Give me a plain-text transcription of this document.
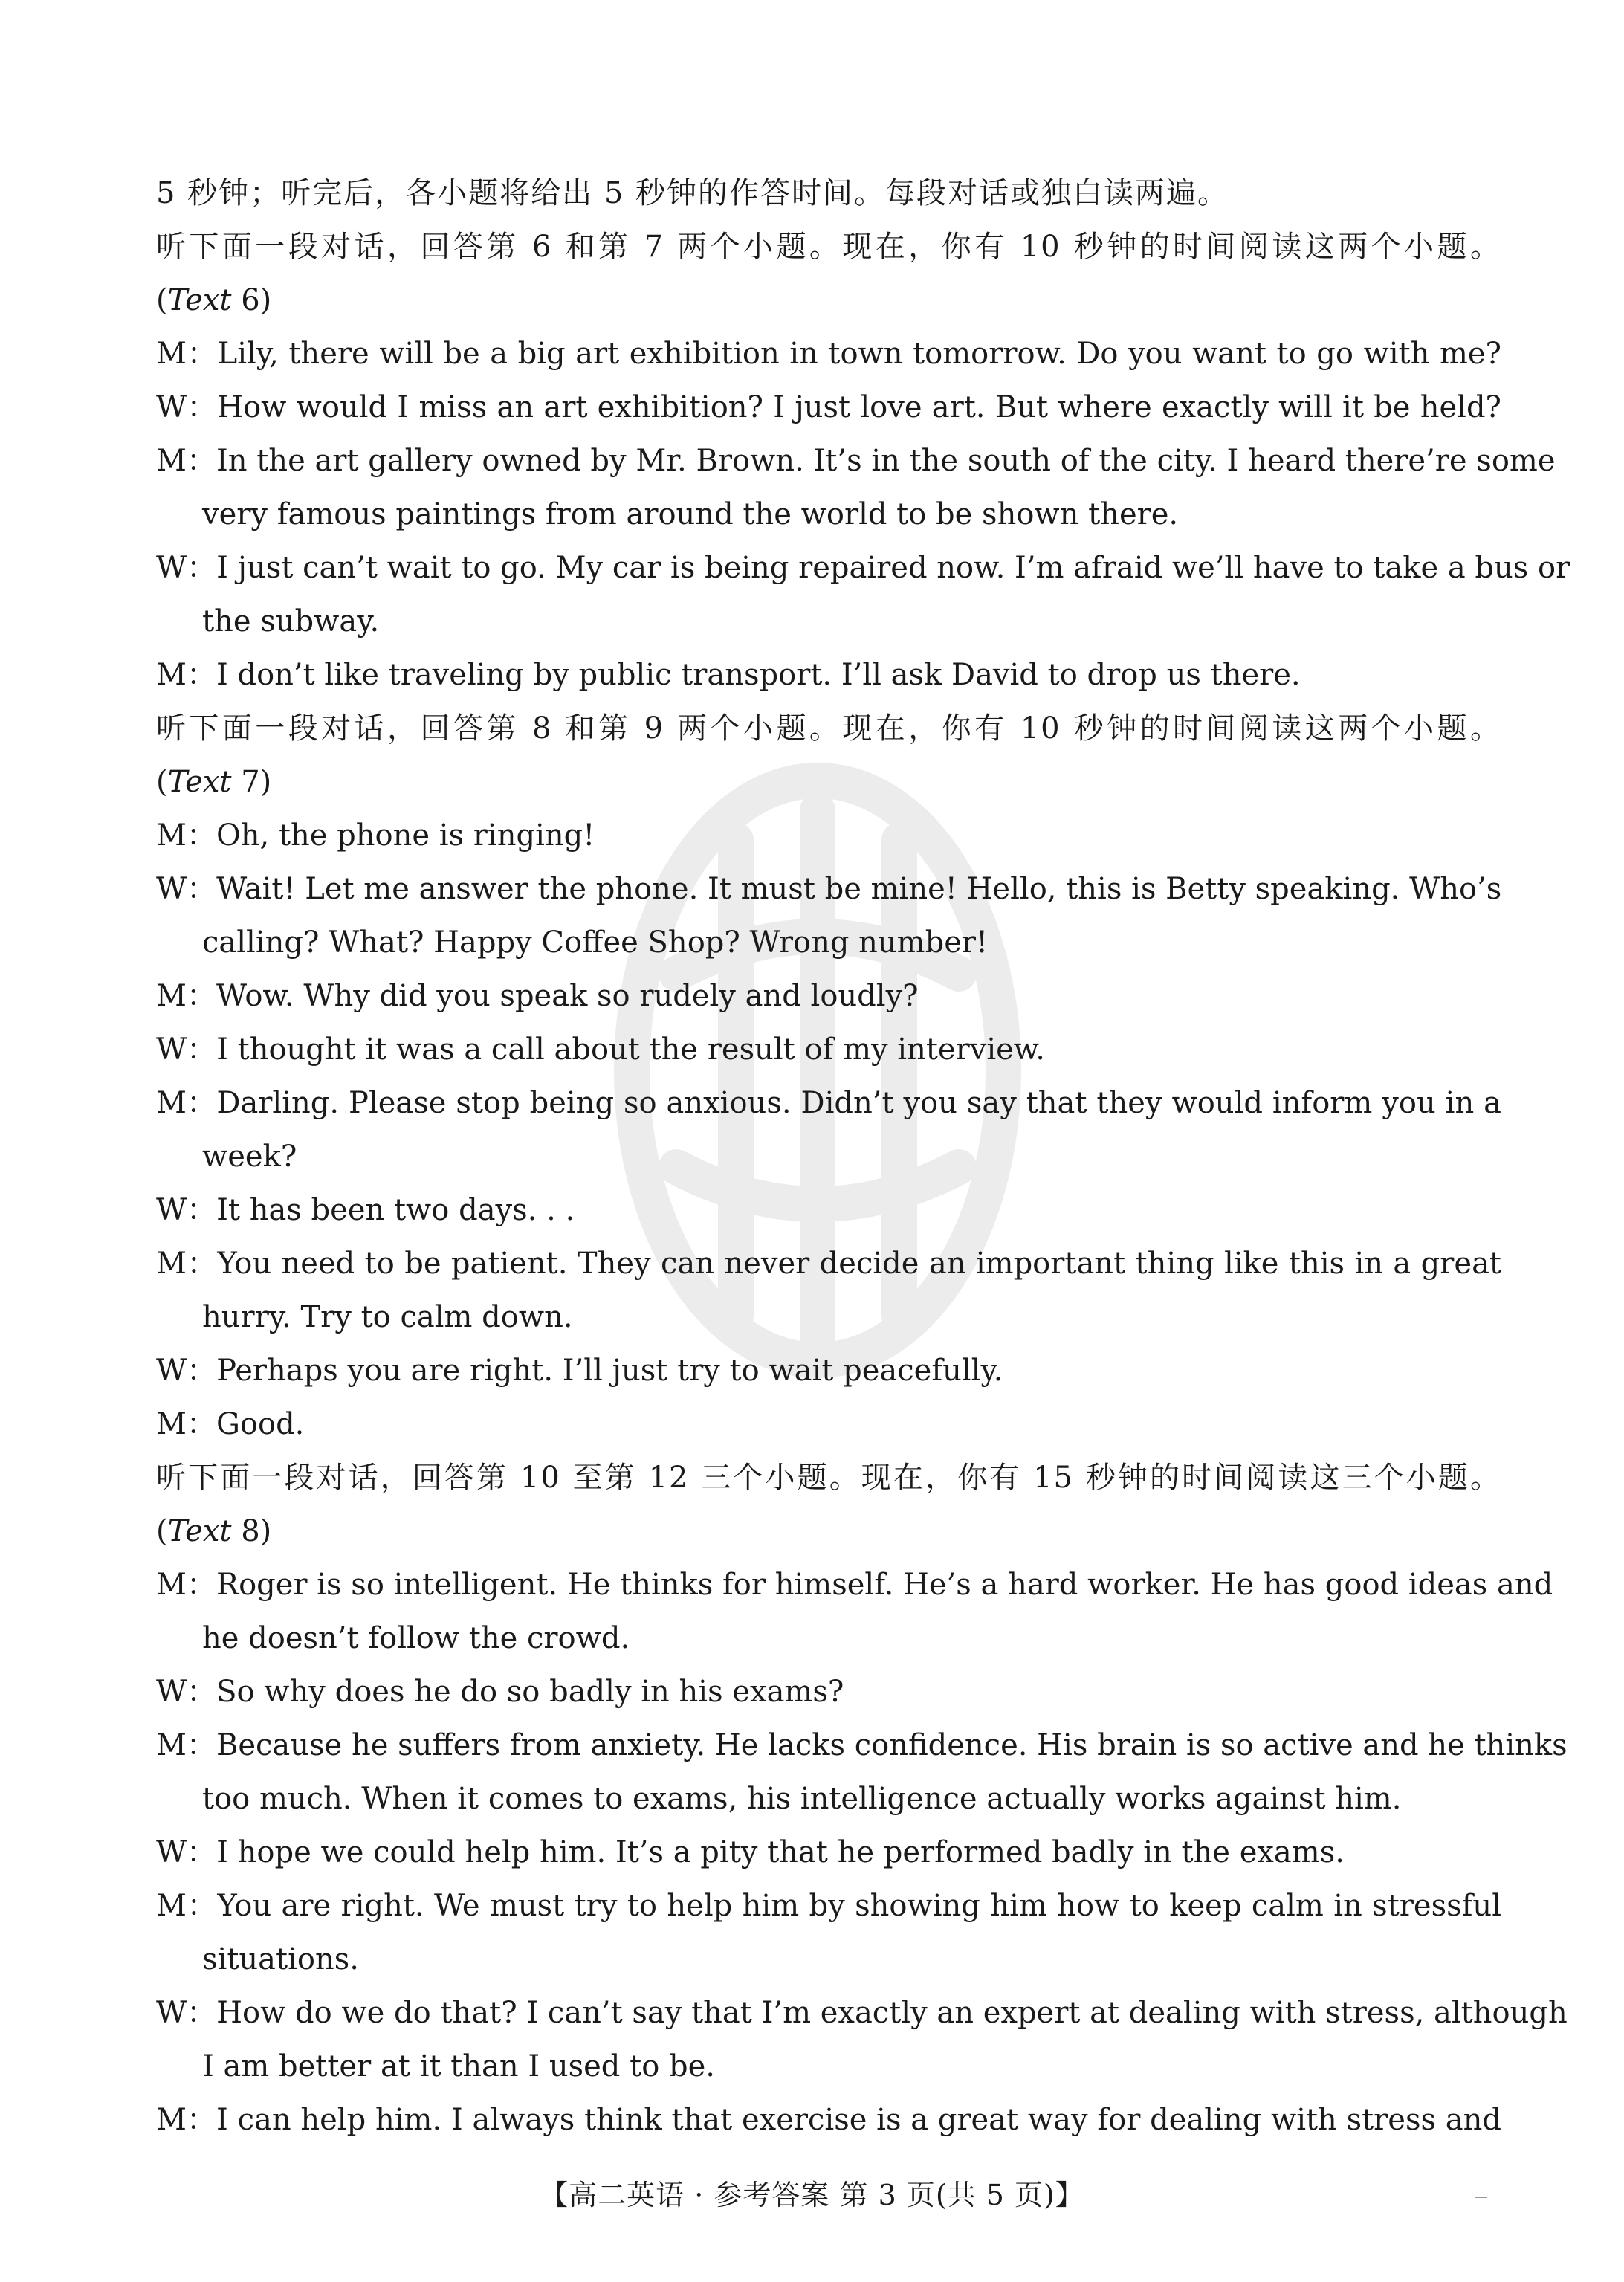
5 秒钟；听完后，各小题将给出 5 秒钟的作答时间。每段对话或独白读两遍。

听下面一段对话，回答第 6 和第 7 两个小题。现在，你有 10 秒钟的时间阅读这两个小题。

(Text 6)

M：Lily, there will be a big art exhibition in town tomorrow. Do you want to go with me?

W：How would I miss an art exhibition? I just love art. But where exactly will it be held?

M：In the art gallery owned by Mr. Brown. It’s in the south of the city. I heard there’re some

very famous paintings from around the world to be shown there.

W：I just can’t wait to go. My car is being repaired now. I’m afraid we’ll have to take a bus or

the subway.

M：I don’t like traveling by public transport. I’ll ask David to drop us there.

听下面一段对话，回答第 8 和第 9 两个小题。现在，你有 10 秒钟的时间阅读这两个小题。

(Text 7)

M：Oh, the phone is ringing!

W：Wait! Let me answer the phone. It must be mine! Hello, this is Betty speaking. Who’s

calling? What? Happy Coffee Shop? Wrong number!

M：Wow. Why did you speak so rudely and loudly?

W：I thought it was a call about the result of my interview.

M：Darling. Please stop being so anxious. Didn’t you say that they would inform you in a

week?

W：It has been two days. . .

M：You need to be patient. They can never decide an important thing like this in a great

hurry. Try to calm down.

W：Perhaps you are right. I’ll just try to wait peacefully.

M：Good.

听下面一段对话，回答第 10 至第 12 三个小题。现在，你有 15 秒钟的时间阅读这三个小题。

(Text 8)

M：Roger is so intelligent. He thinks for himself. He’s a hard worker. He has good ideas and

he doesn’t follow the crowd.

W：So why does he do so badly in his exams?

M：Because he suffers from anxiety. He lacks confidence. His brain is so active and he thinks

too much. When it comes to exams, his intelligence actually works against him.

W：I hope we could help him. It’s a pity that he performed badly in the exams.

M：You are right. We must try to help him by showing him how to keep calm in stressful

situations.

W：How do we do that? I can’t say that I’m exactly an expert at dealing with stress, although

I am better at it than I used to be.

M：I can help him. I always think that exercise is a great way for dealing with stress and

【高二英语 · 参考答案 第 3 页(共 5 页)】
